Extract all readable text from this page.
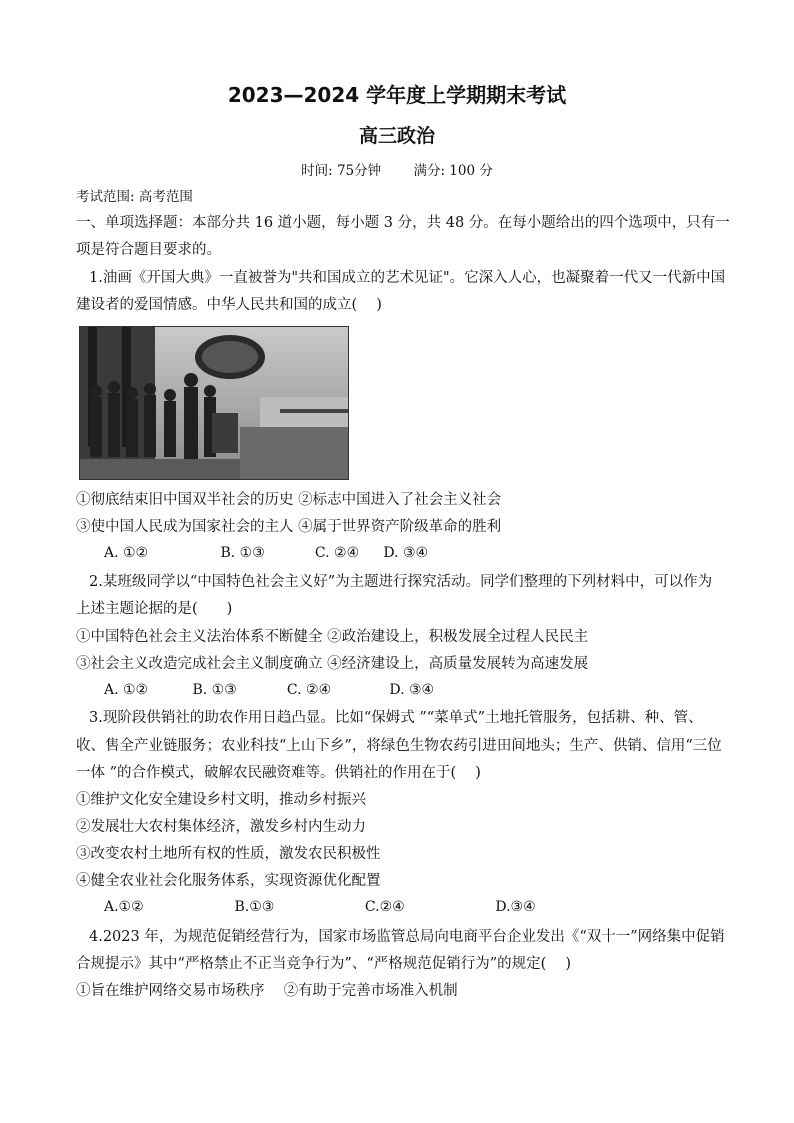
2023—2024 学年度上学期期末考试
高三政治
时间: 75分钟 满分: 100 分
考试范围: 高考范围
一、单项选择题：本部分共 16 道小题，每小题 3 分，共 48 分。在每小题给出的四个选项中，只有一
项是符合题目要求的。
1.油画《开国大典》一直被誉为"共和国成立的艺术见证"。它深入人心，也凝聚着一代又一代新中国
建设者的爱国情感。中华人民共和国的成立(　 )
①彻底结束旧中国双半社会的历史 ②标志中国进入了社会主义社会
③使中国人民成为国家社会的主人 ④属于世界资产阶级革命的胜利
A. ①②	B. ①③	C. ②④ D. ③④
2.某班级同学以“中国特色社会主义好”为主题进行探究活动。同学们整理的下列材料中，可以作为
上述主题论据的是(　　)
①中国特色社会主义法治体系不断健全 ②政治建设上，积极发展全过程人民民主
③社会主义改造完成社会主义制度确立 ④经济建设上，高质量发展转为高速发展
A. ①②	B. ①③	C. ②④	D. ③④
3.现阶段供销社的助农作用日趋凸显。比如“保姆式 ”“菜单式”土地托管服务，包括耕、种、管、
收、售全产业链服务；农业科技“上山下乡”，将绿色生物农药引进田间地头；生产、供销、信用“三位
一体 ”的合作模式，破解农民融资难等。供销社的作用在于(　 )
①维护文化安全建设乡村文明，推动乡村振兴
②发展壮大农村集体经济，激发乡村内生动力
③改变农村土地所有权的性质，激发农民积极性
④健全农业社会化服务体系，实现资源优化配置
A.①②	B.①③	C.②④	D.③④
4.2023 年，为规范促销经营行为，国家市场监管总局向电商平台企业发出《“双十一”网络集中促销
合规提示》其中“严格禁止不正当竞争行为”、“严格规范促销行为”的规定(　 )
①旨在维护网络交易市场秩序　 ②有助于完善市场准入机制
